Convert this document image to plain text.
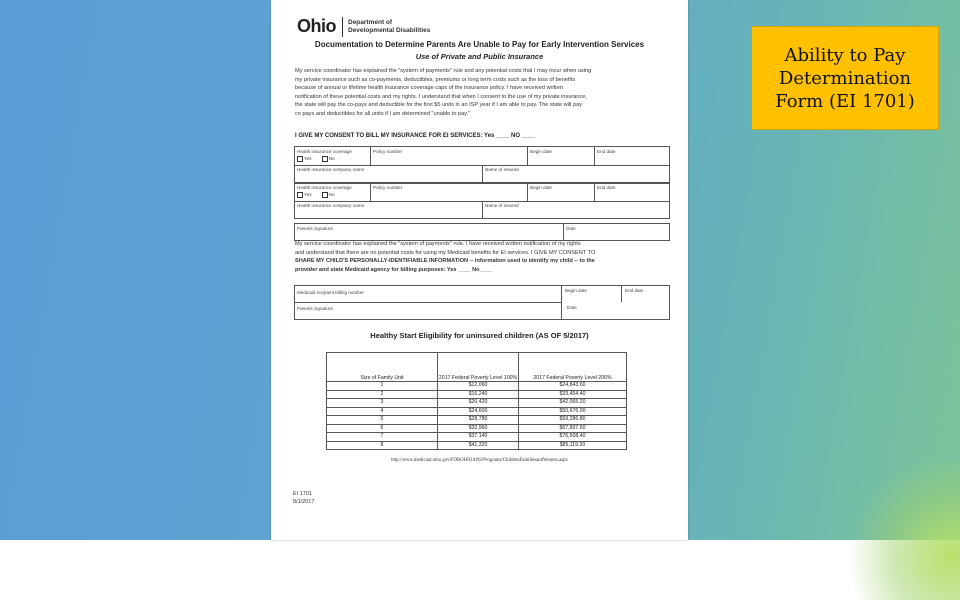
Ohio Department of
Developmental Disabilities
Documentation to Determine Parents Are Unable to Pay for Early Intervention Services
Use of Private and Public Insurance
My service coordinator has explained the "system of payments" rule and any potential costs that I may incur when using
my private insurance such as co-payments, deductibles, premiums or long term costs such as the loss of benefits
because of annual or lifetime health insurance coverage caps of the insurance policy. I have received written
notification of these potential costs and my rights. I understand that when I consent to the use of my private insurance,
the state will pay the co-pays and deductible for the first $5 units in an ISP year if I am able to pay. The state will pay
co pays and deductibles for all units if I am determined "unable to pay."
I GIVE MY CONSENT TO BILL MY INSURANCE FOR EI SERVICES: Yes ____ NO ____
Health insurance coverage
Yes	No
Policy number	Begin date	End date
Health insurance company name	Name of insured
Health insurance coverage
Yes	No
Policy number	Begin date	End date
Health insurance company name	Name of insured
Parents signature	Date
My service coordinator has explained the "system of payments" rule. I have received written notification of my rights
and understand that there are no potential costs for using my Medicaid benefits for EI services. I GIVE MY CONSENT TO
SHARE MY CHILD'S PERSONALLY-IDENTIFIABLE INFORMATION -- information used to identify my child -- to the
provider and state Medicaid agency for billing purposes: Yes ____ No____
Medicaid recipient billing number	Begin date	End date
Parents signature	Date
Healthy Start Eligibility for uninsured children (AS OF 5/2017)
Size of Family Unit	2017 Federal Poverty Level 100%	2017 Federal Poverty Level 206%
1	$12,060	$24,843.60
2	$16,240	$33,454.40
3	$20,420	$42,065.20
4	$24,600	$50,676.00
5	$28,780	$59,286.80
6	$32,960	$67,897.60
7	$37,140	$76,508.40
8	$41,320	$85,119.20
http://www.medicaid.ohio.gov/FOROHIOANS/Programs/ChildrenFamiliesandWomen.aspx
EI 1701
8/1/2017
Ability to Pay
Determination
Form (EI 1701)
